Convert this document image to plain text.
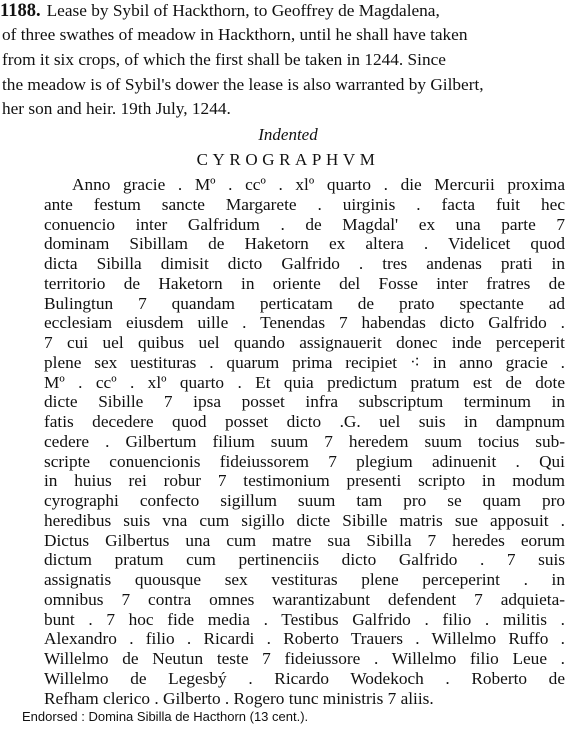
1188. Lease by Sybil of Hackthorn, to Geoffrey de Magdalena,
of three swathes of meadow in Hackthorn, until he shall have taken
from it six crops, of which the first shall be taken in 1244. Since
the meadow is of Sybil's dower the lease is also warranted by Gilbert,
her son and heir. 19th July, 1244.
Indented
CYROGRAPHVM
Anno gracie . Mº . ccº . xlº quarto . die Mercurii proxima
ante festum sancte Margarete . uirginis . facta fuit hec
conuencio inter Galfridum . de Magdal' ex una parte 7
dominam Sibillam de Haketorn ex altera . Videlicet quod
dicta Sibilla dimisit dicto Galfrido . tres andenas prati in
territorio de Haketorn in oriente del Fosse inter fratres de
Bulingtun 7 quandam perticatam de prato spectante ad
ecclesiam eiusdem uille . Tenendas 7 habendas dicto Galfrido .
7 cui uel quibus uel quando assignauerit donec inde perceperit
plene sex uestituras . quarum prima recipiet ⁖ in anno gracie .
Mº . ccº . xlº quarto . Et quia predictum pratum est de dote
dicte Sibille 7 ipsa posset infra subscriptum terminum in
fatis decedere quod posset dicto .G. uel suis in dampnum
cedere . Gilbertum filium suum 7 heredem suum tocius sub-
scripte conuencionis fideiussorem 7 plegium adinuenit . Qui
in huius rei robur 7 testimonium presenti scripto in modum
cyrographi confecto sigillum suum tam pro se quam pro
heredibus suis vna cum sigillo dicte Sibille matris sue apposuit .
Dictus Gilbertus una cum matre sua Sibilla 7 heredes eorum
dictum pratum cum pertinenciis dicto Galfrido . 7 suis
assignatis quousque sex vestituras plene perceperint . in
omnibus 7 contra omnes warantizabunt defendent 7 adquieta-
bunt . 7 hoc fide media . Testibus Galfrido . filio . militis .
Alexandro . filio . Ricardi . Roberto Trauers . Willelmo Ruffo .
Willelmo de Neutun teste 7 fideiussore . Willelmo filio Leue .
Willelmo de Legesbý . Ricardo Wodekoch . Roberto de
Refham clerico . Gilberto . Rogero tunc ministris 7 aliis.
Endorsed : Domina Sibilla de Hacthorn (13 cent.).
